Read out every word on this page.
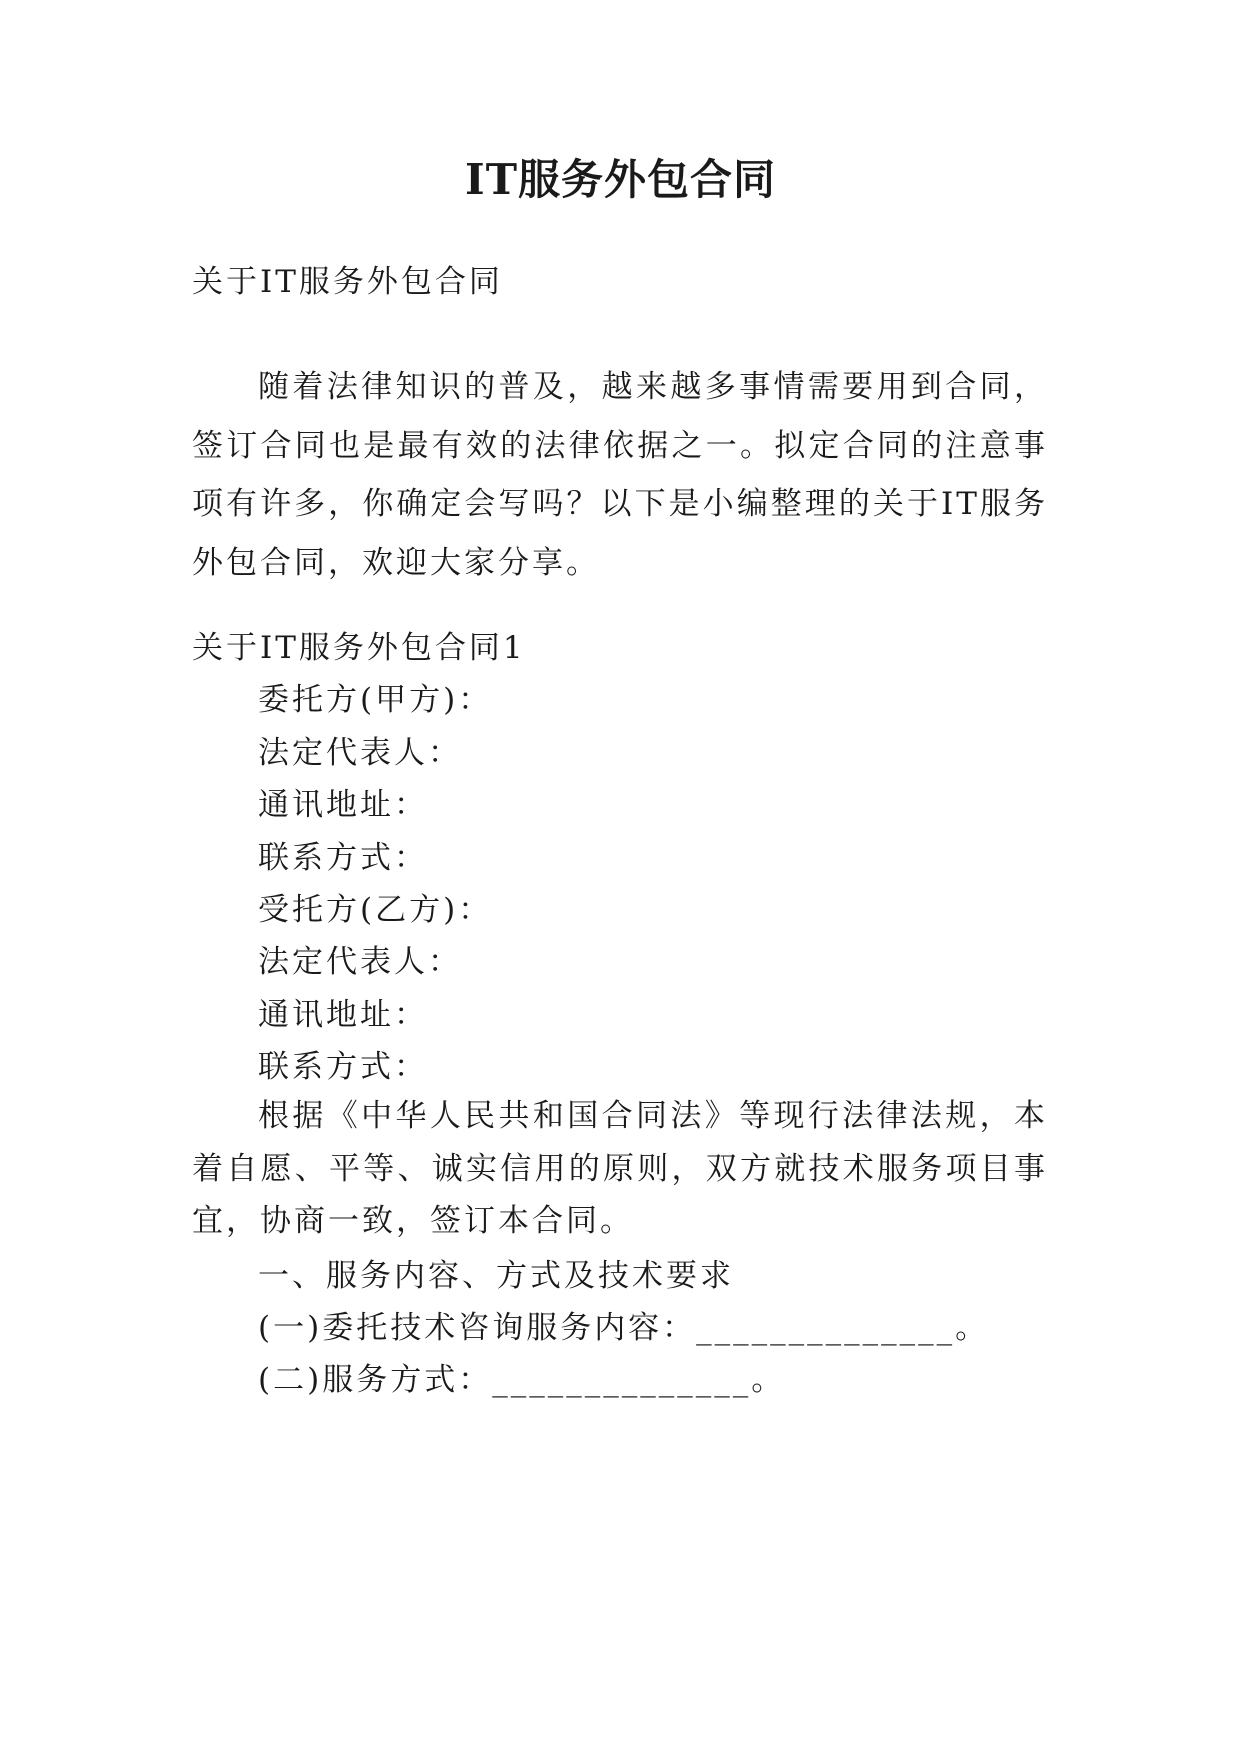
IT服务外包合同
关于IT服务外包合同
随着法律知识的普及，越来越多事情需要用到合同，签订合同也是最有效的法律依据之一。拟定合同的注意事项有许多，你确定会写吗？以下是小编整理的关于IT服务外包合同，欢迎大家分享。
关于IT服务外包合同1
委托方(甲方)：
法定代表人：
通讯地址：
联系方式：
受托方(乙方)：
法定代表人：
通讯地址：
联系方式：
根据《中华人民共和国合同法》等现行法律法规，本着自愿、平等、诚实信用的原则，双方就技术服务项目事宜，协商一致，签订本合同。
一、服务内容、方式及技术要求
(一)委托技术咨询服务内容：______________。
(二)服务方式：______________。
